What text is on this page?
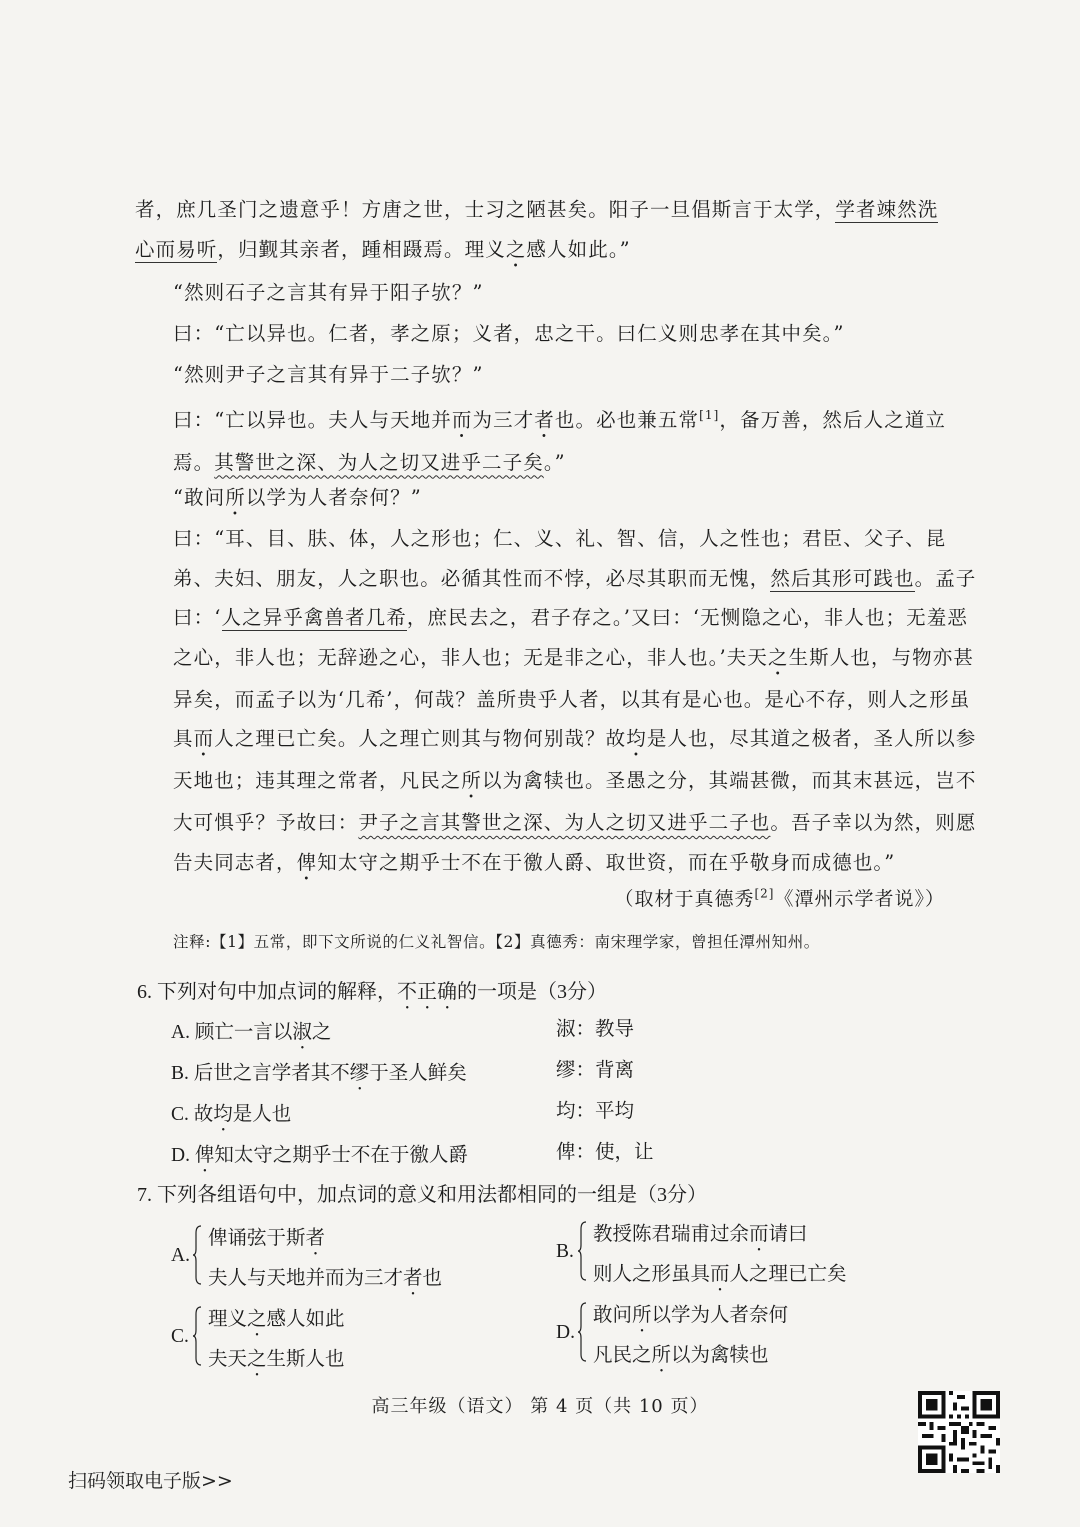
者，庶几圣门之遗意乎！方唐之世，士习之陋甚矣。阳子一旦倡斯言于太学，学者竦然洗心而易听，归觐其亲者，踵相蹑焉。理义之感人如此。”
“然则石子之言其有异于阳子欤？”
曰：“亡以异也。仁者，孝之原；义者，忠之干。曰仁义则忠孝在其中矣。”
“然则尹子之言其有异于二子欤？”
曰：“亡以异也。夫人与天地并而为三才者也。必也兼五常[1]，备万善，然后人之道立焉。其警世之深、为人之切又进乎二子矣。”
“敢问所以学为人者奈何？”
曰：“耳、目、肤、体，人之形也；仁、义、礼、智、信，人之性也；君臣、父子、昆弟、夫妇、朋友，人之职也。必循其性而不悖，必尽其职而无愧，然后其形可践也。孟子曰：‘人之异乎禽兽者几希，庶民去之，君子存之。’又曰：‘无恻隐之心，非人也；无羞恶之心，非人也；无辞逊之心，非人也；无是非之心，非人也。’夫天之生斯人也，与物亦甚异矣，而孟子以为‘几希’，何哉？盖所贵乎人者，以其有是心也。是心不存，则人之形虽具而人之理已亡矣。人之理亡则其与物何别哉？故均是人也，尽其道之极者，圣人所以参天地也；违其理之常者，凡民之所以为禽犊也。圣愚之分，其端甚微，而其末甚远，岂不大可惧乎？予故曰：尹子之言其警世之深、为人之切又进乎二子也。吾子幸以为然，则愿告夫同志者，俾知太守之期乎士不在于徼人爵、取世资，而在乎敬身而成德也。”
（取材于真德秀[2]《潭州示学者说》）
注释:【1】五常，即下文所说的仁义礼智信。【2】真德秀：南宋理学家，曾担任潭州知州。
6. 下列对句中加点词的解释，不正确的一项是（3分）
A. 顾亡一言以淑之	淑：教导
B. 后世之言学者其不缪于圣人鲜矣	缪：背离
C. 故均是人也	均：平均
D. 俾知太守之期乎士不在于徼人爵	俾：使，让
7. 下列各组语句中，加点词的意义和用法都相同的一组是（3分）
A.
俾诵弦于斯者
夫人与天地并而为三才者也
B.
教授陈君瑞甫过余而请曰
则人之形虽具而人之理已亡矣
C.
理义之感人如此
夫天之生斯人也
D.
敢问所以学为人者奈何
凡民之所以为禽犊也
高三年级（语文） 第 4 页（共 10 页）
扫码领取电子版>>
